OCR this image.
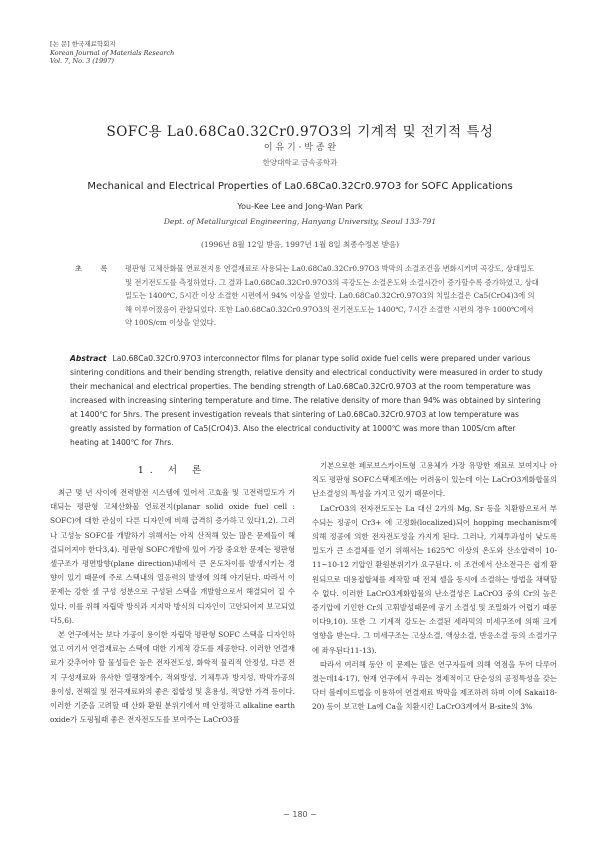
[논 문] 한국재료학회지
Korean Journal of Materials Research
Vol. 7, No. 3 (1997)
SOFC용 La0.68Ca0.32Cr0.97O3의 기계적 및 전기적 특성
이 유 기 · 박 종 완
한양대학교 금속공학과
Mechanical and Electrical Properties of La0.68Ca0.32Cr0.97O3 for SOFC Applications
You-Kee Lee and Jong-Wan Park
Dept. of Metallurgical Engineering, Hanyang University, Seoul 133-791
(1996년 8월 12일 받음, 1997년 1월 8일 최종수정본 받음)
초 록 평판형 고체산화물 연료전지용 연결재료로 사용되는 La0.68Ca0.32Cr0.97O3 박막의 소결조건을 변화시키며 곡강도, 상대밀도 및 전기전도도를 측정하였다. 그 결과 La0.68Ca0.32Cr0.97O3의 곡강도는 소결온도와 소결시간이 증가할수록 증가하였고, 상대밀도는 1400℃, 5시간 이상 소결한 시편에서 94% 이상을 얻었다. La0.68Ca0.32Cr0.97O3의 치밀소결은 Ca5(CrO4)3에 의해 이루어졌음이 관찰되었다. 또한 La0.68Ca0.32Cr0.97O3의 전기전도도는 1400℃, 7시간 소결한 시편의 경우 1000℃에서 약 100S/cm 이상을 얻었다.
Abstract La0.68Ca0.32Cr0.97O3 interconnector films for planar type solid oxide fuel cells were prepared under various sintering conditions and their bending strength, relative density and electrical conductivity were measured in order to study their mechanical and electrical properties. The bending strength of La0.68Ca0.32Cr0.97O3 at the room temperature was increased with increasing sintering temperature and time. The relative density of more than 94% was obtained by sintering at 1400℃ for 5hrs. The present investigation reveals that sintering of La0.68Ca0.32Cr0.97O3 at low temperature was greatly assisted by formation of Ca5(CrO4)3. Also the electrical conductivity at 1000℃ was more than 100S/cm after heating at 1400℃ for 7hrs.
1. 서 론

최근 몇 년 사이에 전력발전 시스템에 있어서 고효율 및 고전력밀도가 기대되는 평판형 고체산화물 연료전지(planar solid oxide fuel cell : SOFC)에 대한 관심이 다른 디자인에 비해 급격히 증가하고 있다1,2). 그러나 고성능 SOFC를 개발하기 위해서는 아직 산적해 있는 많은 문제들이 해결되어져야 한다3,4). 평판형 SOFC개발에 있어 가장 중요한 문제는 평판형 셀구조가 평면방향(plane direction)내에서 큰 온도차이를 발생시키는 경향이 있기 때문에 주로 스택내의 열응력의 발생에 의해 야기된다. 따라서 이 문제는 강한 셀 구성 성분으로 구성된 스택을 개발함으로서 해결되어 질 수 있다. 이를 위해 자립막 방식과 지지막 방식의 디자인이 고안되어져 보고되었다5,6).

본 연구에서는 보다 가공이 용이한 자립막 평판형 SOFC 스택을 디자인하였고 여기서 연결재료는 스택에 대한 기계적 강도를 제공한다. 이러한 연결재료가 갖추어야 할 물성들은 높은 전자전도성, 화학적 물리적 안정성, 다른 전지 구성재료와 유사한 열팽창계수, 적외방성, 기체투과 방지성, 박막가공의 용이성, 전해질 및 전극재료와의 좋은 접합성 및 혼용성, 적당한 가격 등이다. 이러한 기준을 고려할 때 산화 환원 분위기에서 매 안정하고 alkaline earth oxide가 도핑될때 좋은 전자전도도를 보여주는 LaCrO3를

기본으로한 페로브스카이트형 고용체가 가장 유망한 재료로 보여지나 아직도 평판형 SOFC스택제조에는 어려움이 있는데 이는 LaCrO3계화합물의 난소결성의 특성을 가지고 있기 때문이다.

LaCrO3의 전자전도도는 La 대신 2가의 Mg, Sr 등을 치환함으로서 부수되는 정공이 Cr3+ 에 고정화(localized)되어 hopping mechanism에 의해 정공에 의한 전자전도성을 가지게 된다. 그러나, 기체투과성이 낮도록 밀도가 큰 소결체를 얻기 위해서는 1625℃ 이상의 온도와 산소압력이 10-11~10-12 기압인 환원분위기가 요구된다. 이 조건에서 산소전극은 쉽게 환원되므로 대용접합체를 제작할 때 전체 셀을 동시에 소결하는 방법을 채택할 수 없다. 이러한 LaCrO3계화합물의 난소결성은 LaCrO3 중의 Cr의 높은 증기압에 기인한 Cr의 고휘발성때문에 공기 소결성 및 조밀화가 어렵기 때문이다9,10). 또한 그 기계적 강도는 소결된 세라믹의 미세구조에 의해 크게 영향을 받는다. 그 미세구조는 고상소결, 액상소결, 반응소결 등의 소결기구에 좌우된다11-13).

따라서 여러해 동안 이 문제는 많은 연구자들에 의해 역점을 두어 다루어졌는데14-17), 현재 연구에서 우리는 경제적이고 단순성의 공정특성을 갖는 닥터 블레이드법을 이용하여 연결재료 박막을 제조하려 하며 이에 Sakai18-20) 등이 보고한 La에 Ca을 치환시킨 LaCrO3계에서 B-site의 3%

− 180 −
